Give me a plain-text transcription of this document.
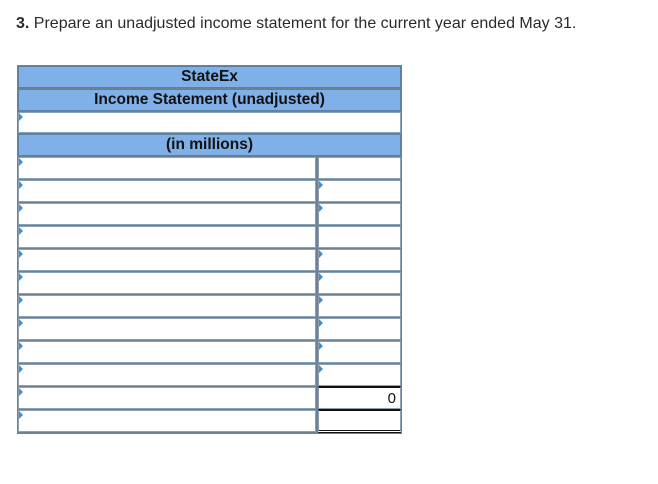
3. Prepare an unadjusted income statement for the current year ended May 31.
StateEx
Income Statement (unadjusted)
(in millions)
0
